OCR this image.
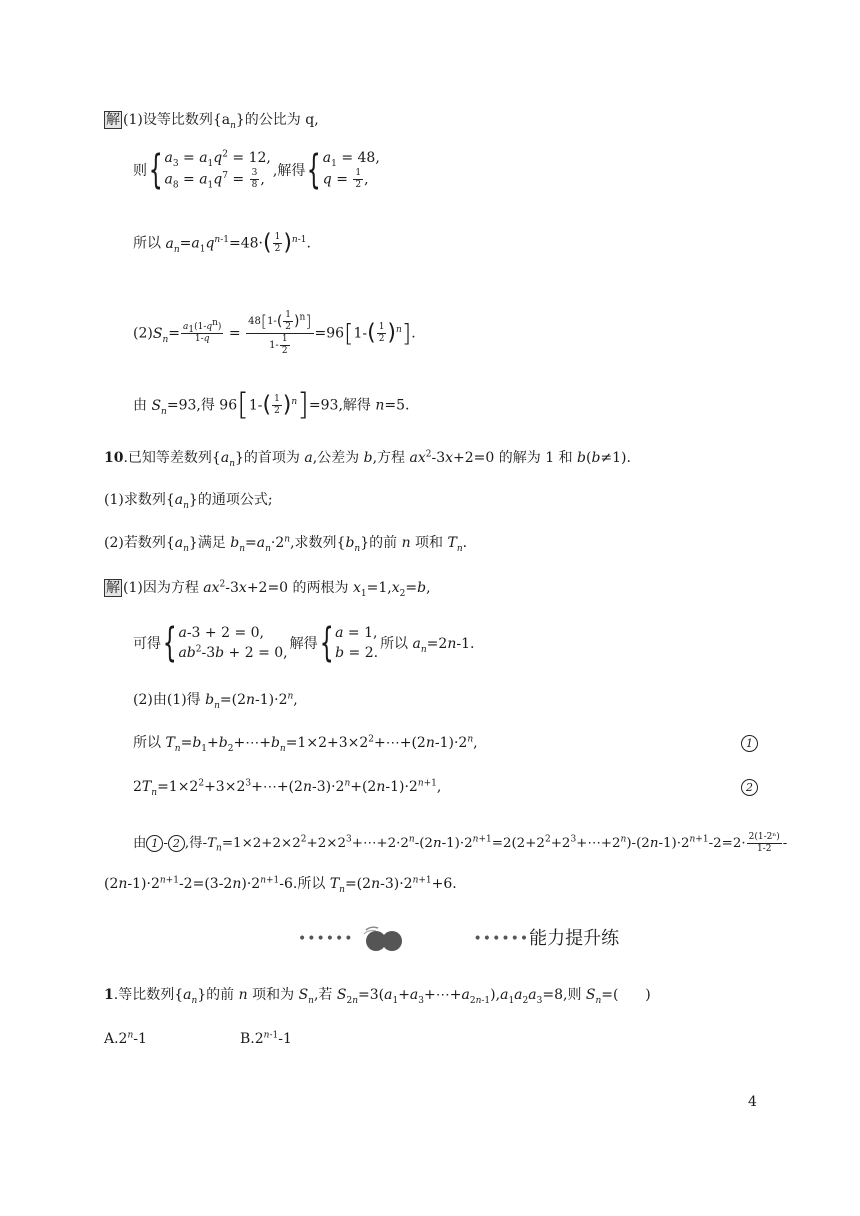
解 (1)设等比数列$\{a_n\}$的公比为 q,
则 { $a_3 = a_1q^2 = 12$,
$a_8 = a_1q^7 = \frac{3}{8}$ ,
,解得 { $a_1 = 48$,
$q = \frac{1}{2}$ ,
所以 $a_n=a_1q^{n-1}=48\cdot( \frac{1}{2} )^{n-1}$.
$(2)S_n= \frac{a_1(1-q^n)}{1-q} = \frac{48[1-( \frac{1}{2} )^n]}{1- \frac{1}{2}} =96[1-( \frac{1}{2} )^n]$.
由 $S_n=93$,得 $96[1-( \frac{1}{2} )^n]=93$,解得 n=5.
10.已知等差数列$\{a_n\}$的首项为 a,公差为 b,方程 $ax^2-3x+2=0$ 的解为 1 和 b(b≠1).
(1)求数列$\{a_n\}$的通项公式;
(2)若数列$\{a_n\}$满足 $b_n=a_n\cdot 2^n$,求数列$\{b_n\}$的前 n 项和 $T_n$.
解 (1)因为方程 $ax^2-3x+2=0$ 的两根为 $x_1=1,x_2=b$,
可得 { a-3 + 2 = 0,
$ab^2-3b + 2 = 0$,
解得 { a = 1,
b = 2.
所以 $a_n=2n-1$.
(2)由(1)得 $b_n=(2n-1)\cdot 2^n$,
所以 $T_n=b_1+b_2+\cdots+b_n=1\times 2+3\times 2^2+\cdots+(2n-1)\cdot 2^n$,	1
$2T_n=1\times 2^2+3\times 2^3+\cdots+(2n-3)\cdot 2^n+(2n-1)\cdot 2^{n+1}$,	2
由 1 - 2 ,得$-T_n=1\times 2+2\times 2^2+2\times 2^3+\cdots+2\cdot 2^n-(2n-1)\cdot 2^{n+1}=2(2+2^2+2^3+\cdots+2^n)-(2n-1)\cdot 2^{n+1}-2=2\cdot \frac{\text{2(1-2ⁿ)}}{1-2}$ -
$(2n-1)\cdot 2^{n+1}-2=(3-2n)\cdot 2^{n+1}-6$.所以 $T_n=(2n-3)\cdot 2^{n+1}+6$.
••••••	•••••• 能力提升练
1.等比数列$\{a_n\}$的前 n 项和为 $S_n$,若 $S_{2n}=3(a_1+a_3+\cdots+a_{2n-1}),a_1a_2a_3=8$,则 $S_n=$(      )
A.2$^n$-1	B.2$^{n-1}$-1
4
